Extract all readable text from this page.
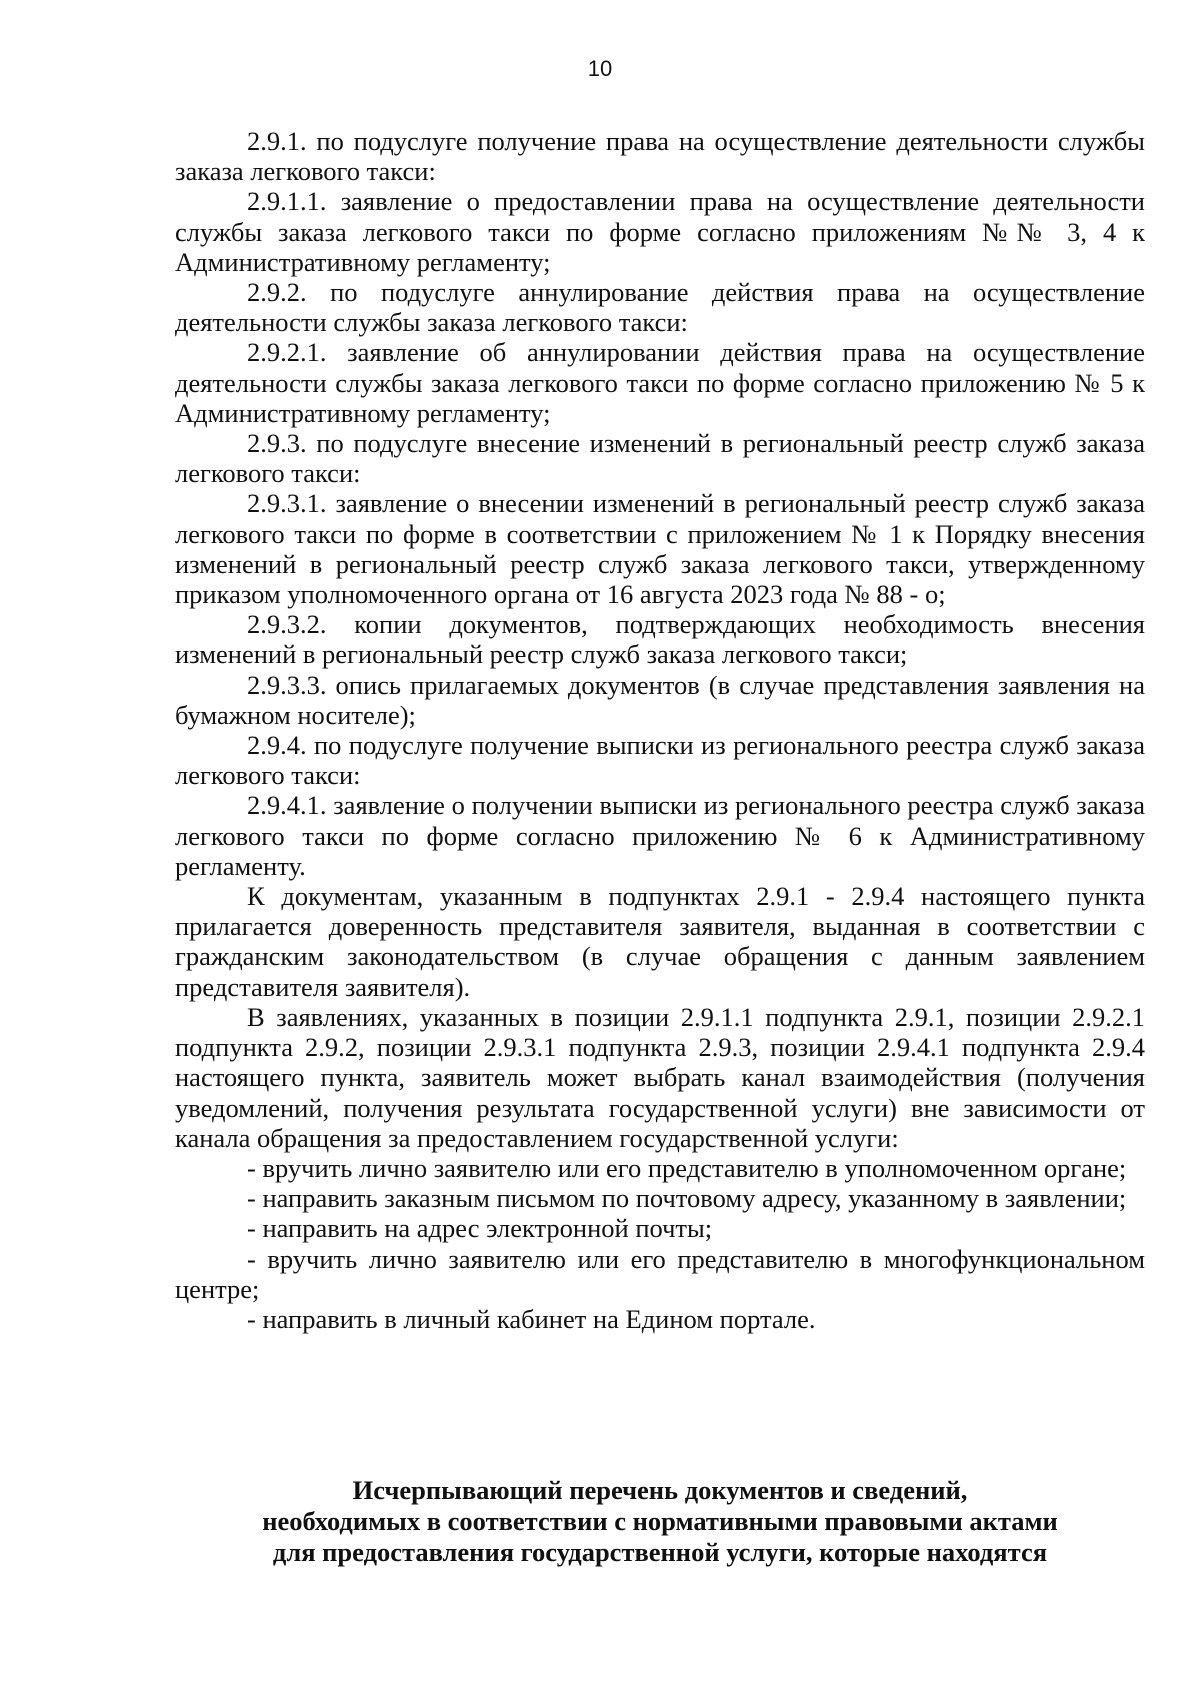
10

2.9.1. по подуслуге получение права на осуществление деятельности службы заказа легкового такси:

2.9.1.1. заявление о предоставлении права на осуществление деятельности службы заказа легкового такси по форме согласно приложениям №№ 3, 4 к Административному регламенту;

2.9.2. по подуслуге аннулирование действия права на осуществление деятельности службы заказа легкового такси:

2.9.2.1. заявление об аннулировании действия права на осуществление деятельности службы заказа легкового такси по форме согласно приложению № 5 к Административному регламенту;

2.9.3. по подуслуге внесение изменений в региональный реестр служб заказа легкового такси:

2.9.3.1. заявление о внесении изменений в региональный реестр служб заказа легкового такси по форме в соответствии с приложением № 1 к Порядку внесения изменений в региональный реестр служб заказа легкового такси, утвержденному приказом уполномоченного органа от 16 августа 2023 года № 88 - о;

2.9.3.2. копии документов, подтверждающих необходимость внесения изменений в региональный реестр служб заказа легкового такси;

2.9.3.3. опись прилагаемых документов (в случае представления заявления на бумажном носителе);

2.9.4. по подуслуге получение выписки из регионального реестра служб заказа легкового такси:

2.9.4.1. заявление о получении выписки из регионального реестра служб заказа легкового такси по форме согласно приложению № 6 к Административному регламенту.

К документам, указанным в подпунктах 2.9.1 - 2.9.4 настоящего пункта прилагается доверенность представителя заявителя, выданная в соответствии с гражданским законодательством (в случае обращения с данным заявлением представителя заявителя).

В заявлениях, указанных в позиции 2.9.1.1 подпункта 2.9.1, позиции 2.9.2.1 подпункта 2.9.2, позиции 2.9.3.1 подпункта 2.9.3, позиции 2.9.4.1 подпункта 2.9.4 настоящего пункта, заявитель может выбрать канал взаимодействия (получения уведомлений, получения результата государственной услуги) вне зависимости от канала обращения за предоставлением государственной услуги:

- вручить лично заявителю или его представителю в уполномоченном органе;

- направить заказным письмом по почтовому адресу, указанному в заявлении;

- направить на адрес электронной почты;

- вручить лично заявителю или его представителю в многофункциональном центре;

- направить в личный кабинет на Едином портале.

Исчерпывающий перечень документов и сведений,
необходимых в соответствии с нормативными правовыми актами
для предоставления государственной услуги, которые находятся
